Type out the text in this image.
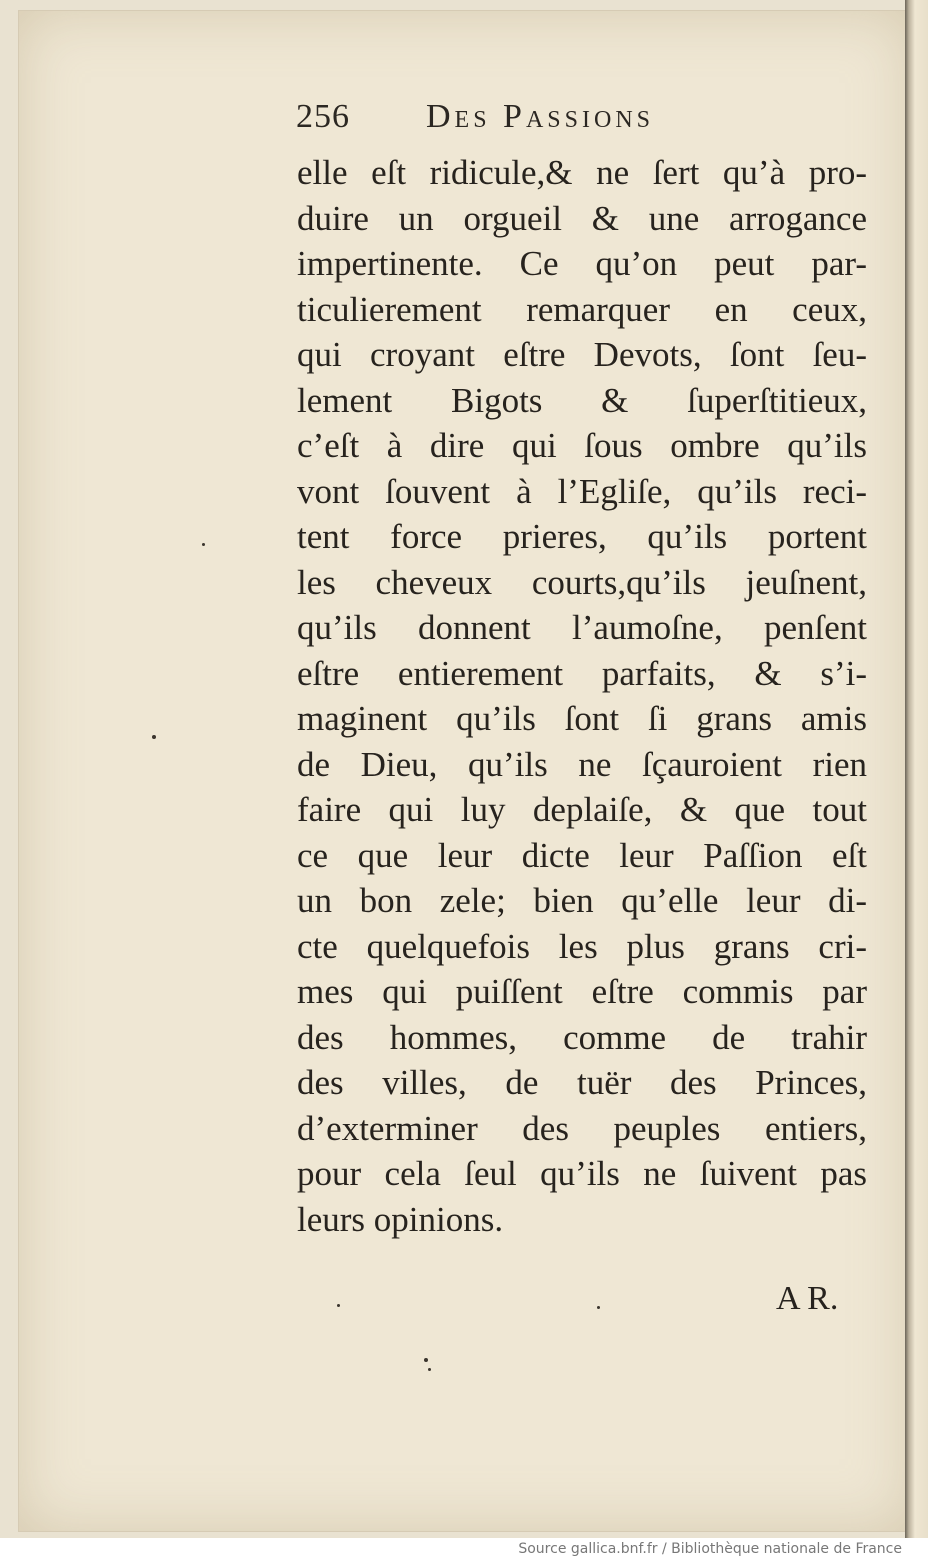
256 Des Passions
elle eſt ridicule,& ne ſert qu’à pro-
duire un orgueil & une arrogance
impertinente. Ce qu’on peut par-
ticulierement remarquer en ceux,
qui croyant eſtre Devots, ſont ſeu-
lement Bigots & ſuperſtitieux,
c’eſt à dire qui ſous ombre qu’ils
vont ſouvent à l’Egliſe, qu’ils reci-
tent force prieres, qu’ils portent
les cheveux courts,qu’ils jeuſnent,
qu’ils donnent l’aumoſne, penſent
eſtre entierement parfaits, & s’i-
maginent qu’ils ſont ſi grans amis
de Dieu, qu’ils ne ſçauroient rien
faire qui luy deplaiſe, & que tout
ce que leur dicte leur Paſſion eſt
un bon zele; bien qu’elle leur di-
cte quelquefois les plus grans cri-
mes qui puiſſent eſtre commis par
des hommes, comme de trahir
des villes, de tuër des Princes,
d’exterminer des peuples entiers,
pour cela ſeul qu’ils ne ſuivent pas
leurs opinions.
A R.
Source gallica.bnf.fr / Bibliothèque nationale de France
